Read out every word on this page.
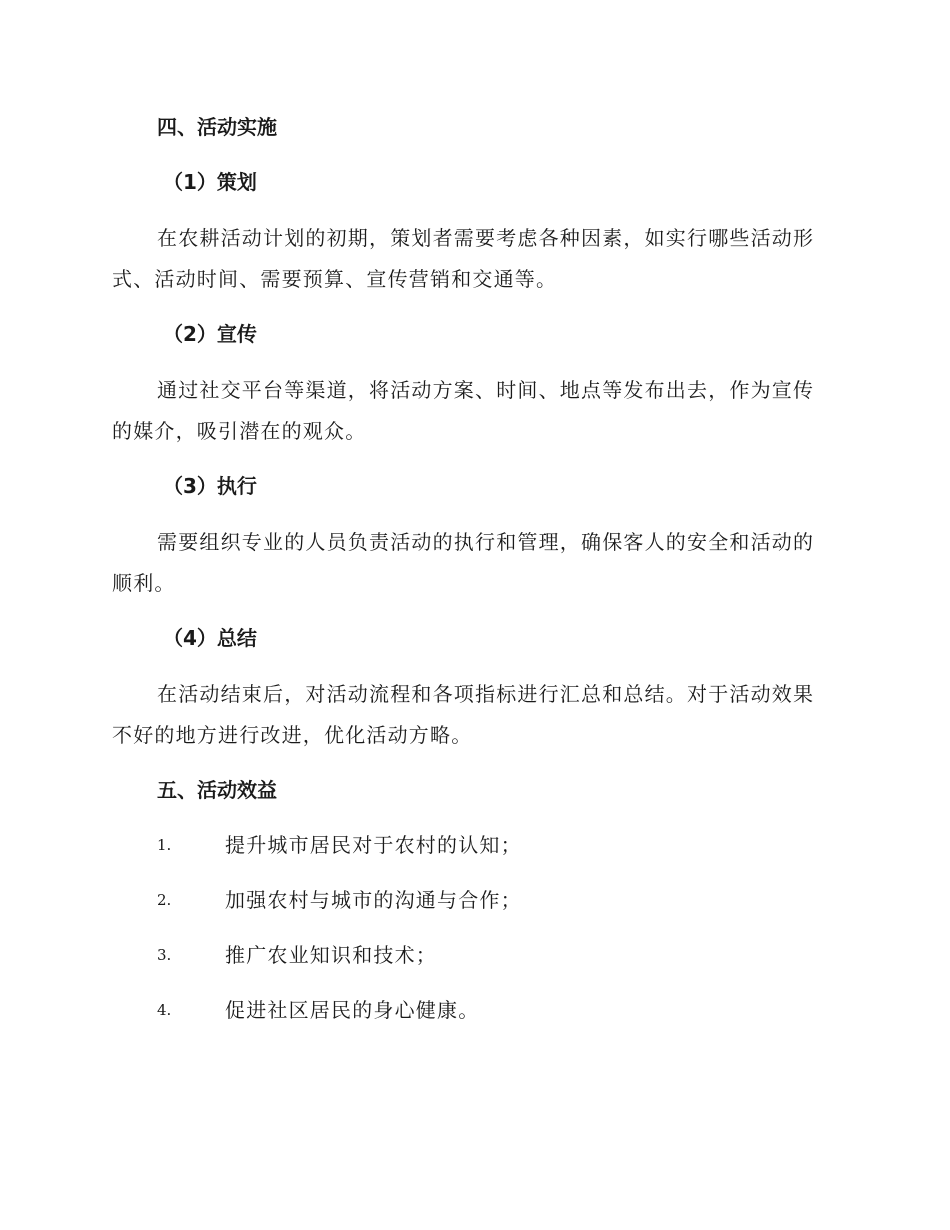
四、活动实施
（1）策划
在农耕活动计划的初期，策划者需要考虑各种因素，如实行哪些活动形
式、活动时间、需要预算、宣传营销和交通等。
（2）宣传
通过社交平台等渠道，将活动方案、时间、地点等发布出去，作为宣传
的媒介，吸引潜在的观众。
（3）执行
需要组织专业的人员负责活动的执行和管理，确保客人的安全和活动的
顺利。
（4）总结
在活动结束后，对活动流程和各项指标进行汇总和总结。对于活动效果
不好的地方进行改进，优化活动方略。
五、活动效益
1.	提升城市居民对于农村的认知；
2.	加强农村与城市的沟通与合作；
3.	推广农业知识和技术；
4.	促进社区居民的身心健康。
